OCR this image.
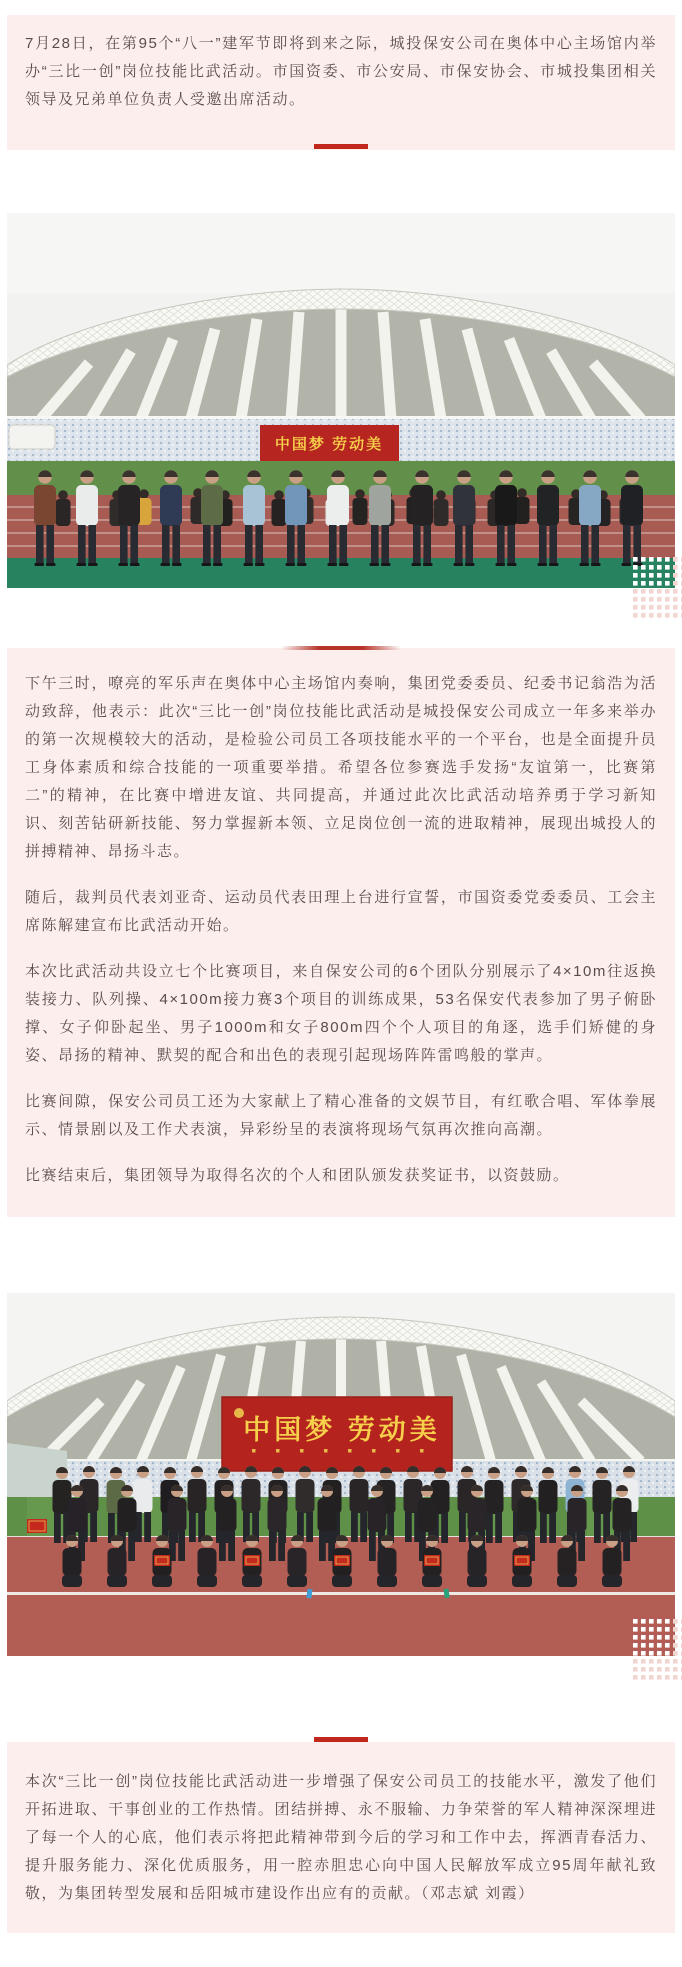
7月28日，在第95个“八一”建军节即将到来之际，城投保安公司在奥体中心主场馆内举办“三比一创”岗位技能比武活动。市国资委、市公安局、市保安协会、市城投集团相关领导及兄弟单位负责人受邀出席活动。

中国梦 劳动美

下午三时，嘹亮的军乐声在奥体中心主场馆内奏响，集团党委委员、纪委书记翁浩为活动致辞，他表示：此次“三比一创”岗位技能比武活动是城投保安公司成立一年多来举办的第一次规模较大的活动，是检验公司员工各项技能水平的一个平台，也是全面提升员工身体素质和综合技能的一项重要举措。希望各位参赛选手发扬“友谊第一，比赛第二”的精神，在比赛中增进友谊、共同提高，并通过此次比武活动培养勇于学习新知识、刻苦钻研新技能、努力掌握新本领、立足岗位创一流的进取精神，展现出城投人的拼搏精神、昂扬斗志。

随后，裁判员代表刘亚奇、运动员代表田理上台进行宣誓，市国资委党委委员、工会主席陈解建宣布比武活动开始。

本次比武活动共设立七个比赛项目，来自保安公司的6个团队分别展示了4×10m往返换装接力、队列操、4×100m接力赛3个项目的训练成果，53名保安代表参加了男子俯卧撑、女子仰卧起坐、男子1000m和女子800m四个个人项目的角逐，选手们矫健的身姿、昂扬的精神、默契的配合和出色的表现引起现场阵阵雷鸣般的掌声。

比赛间隙，保安公司员工还为大家献上了精心准备的文娱节目，有红歌合唱、军体拳展示、情景剧以及工作犬表演，异彩纷呈的表演将现场气氛再次推向高潮。

比赛结束后，集团领导为取得名次的个人和团队颁发获奖证书，以资鼓励。

中国梦 劳动美

本次“三比一创”岗位技能比武活动进一步增强了保安公司员工的技能水平，激发了他们开拓进取、干事创业的工作热情。团结拼搏、永不服输、力争荣誉的军人精神深深埋进了每一个人的心底，他们表示将把此精神带到今后的学习和工作中去，挥洒青春活力、提升服务能力、深化优质服务，用一腔赤胆忠心向中国人民解放军成立95周年献礼致敬，为集团转型发展和岳阳城市建设作出应有的贡献。（邓志斌 刘霞）
